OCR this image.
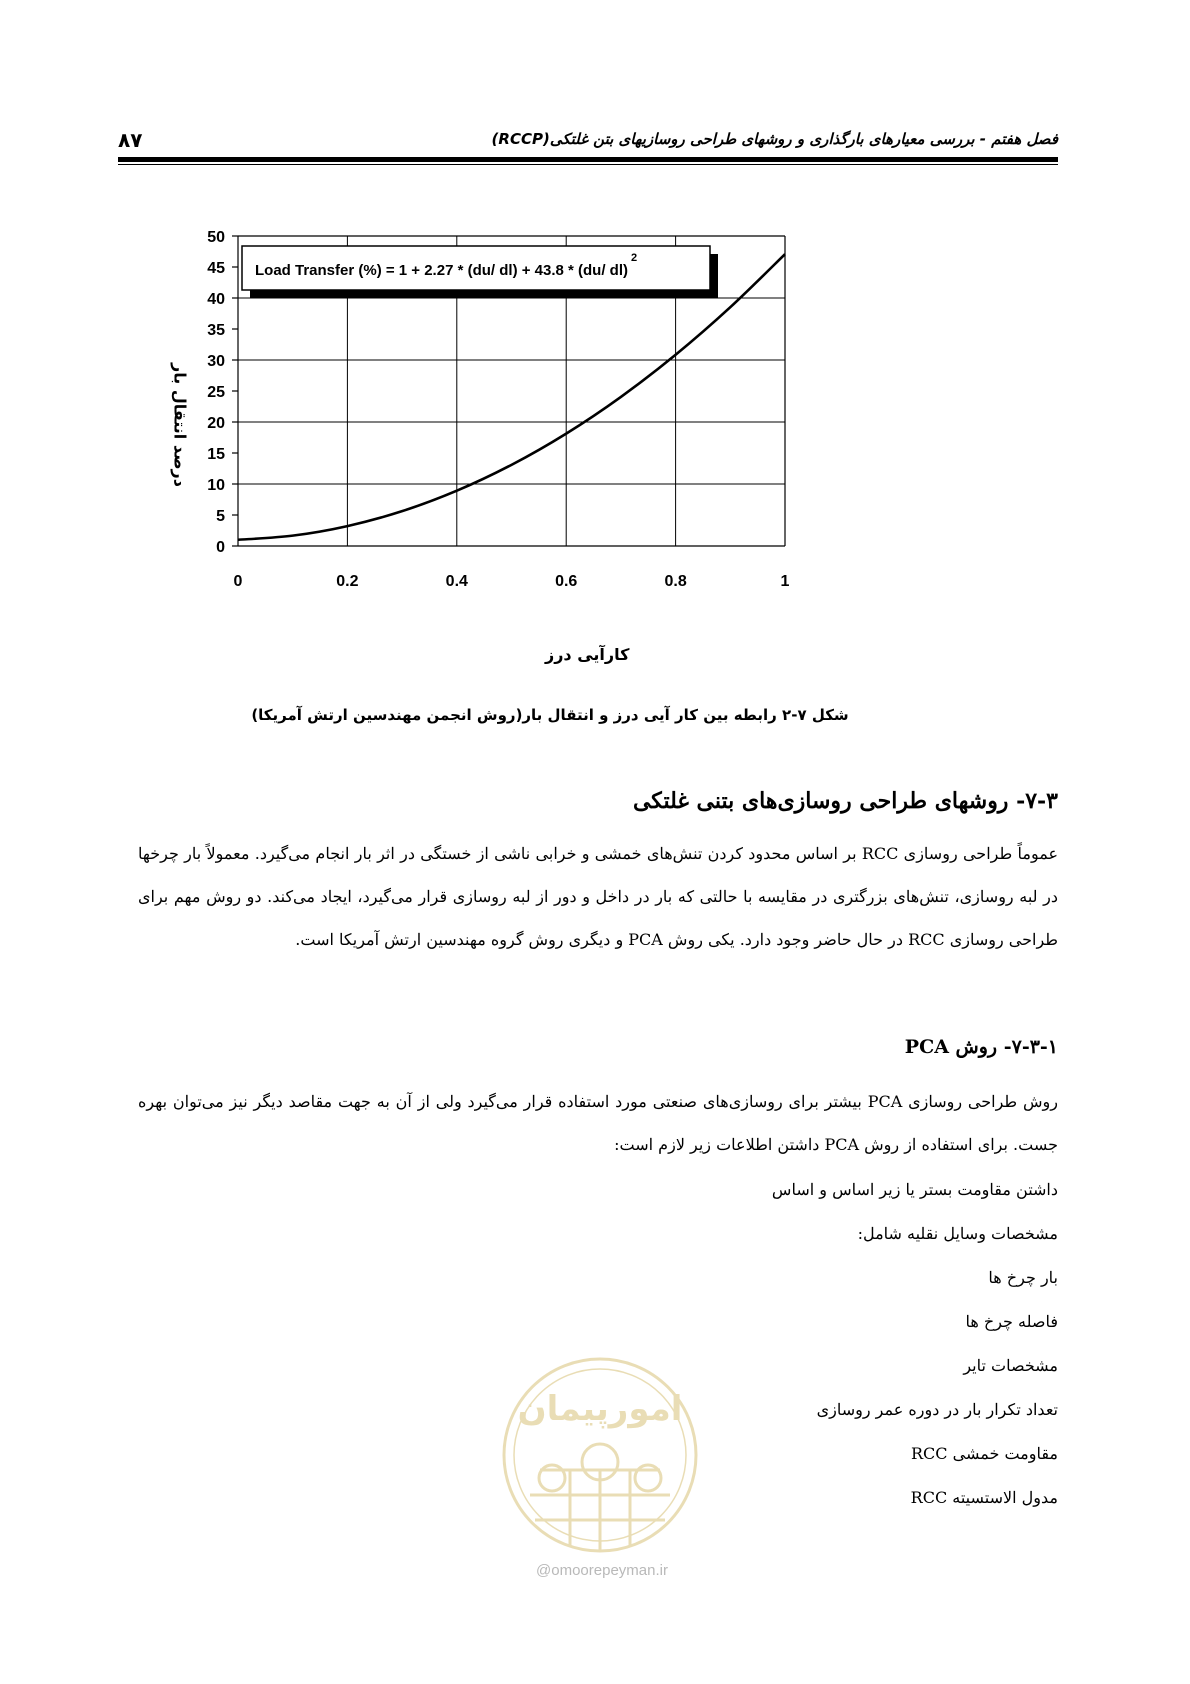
۸۷	فصل هفتم - بررسی معیارهای بارگذاری و روشهای طراحی روسازیهای بتن غلتکی(RCCP)
0
5
10
15
20
25
30
35
40
45
50
0	0.2	0.4	0.6	0.8	1
Load Transfer (%) = 1 + 2.27 * (du/ dl) + 43.8 * (du/ dl)$^2$
درصد انتقال بار
کارآیی درز
شکل ۷-۲ رابطه بین کار آیی درز و انتقال بار(روش انجمن مهندسین ارتش آمریکا)
۷-۳- روشهای طراحی روسازی‌های بتنی غلتکی
عموماً طراحی روسازی RCC بر اساس محدود کردن تنش‌های خمشی و خرابی ناشی از خستگی در اثر بار انجام می‌گیرد. معمولاً بار چرخها در لبه روسازی، تنش‌های بزرگتری در مقایسه با حالتی که بار در داخل و دور از لبه روسازی قرار می‌گیرد، ایجاد می‌کند. دو روش مهم برای طراحی روسازی RCC در حال حاضر وجود دارد. یکی روش PCA و دیگری روش گروه مهندسین ارتش آمریکا است.
۷-۳-۱- روش PCA
روش طراحی روسازی PCA بیشتر برای روسازی‌های صنعتی مورد استفاده قرار می‌گیرد ولی از آن به جهت مقاصد دیگر نیز می‌توان بهره جست. برای استفاده از روش PCA داشتن اطلاعات زیر لازم است:
داشتن مقاومت بستر یا زیر اساس و اساس
مشخصات وسایل نقلیه شامل:
بار چرخ ها
فاصله چرخ ها
مشخصات تایر
تعداد تکرار بار در دوره عمر روسازی
مقاومت خمشی RCC
مدول الاستسیته RCC
امورپیمان
@omoorepeyman.ir
